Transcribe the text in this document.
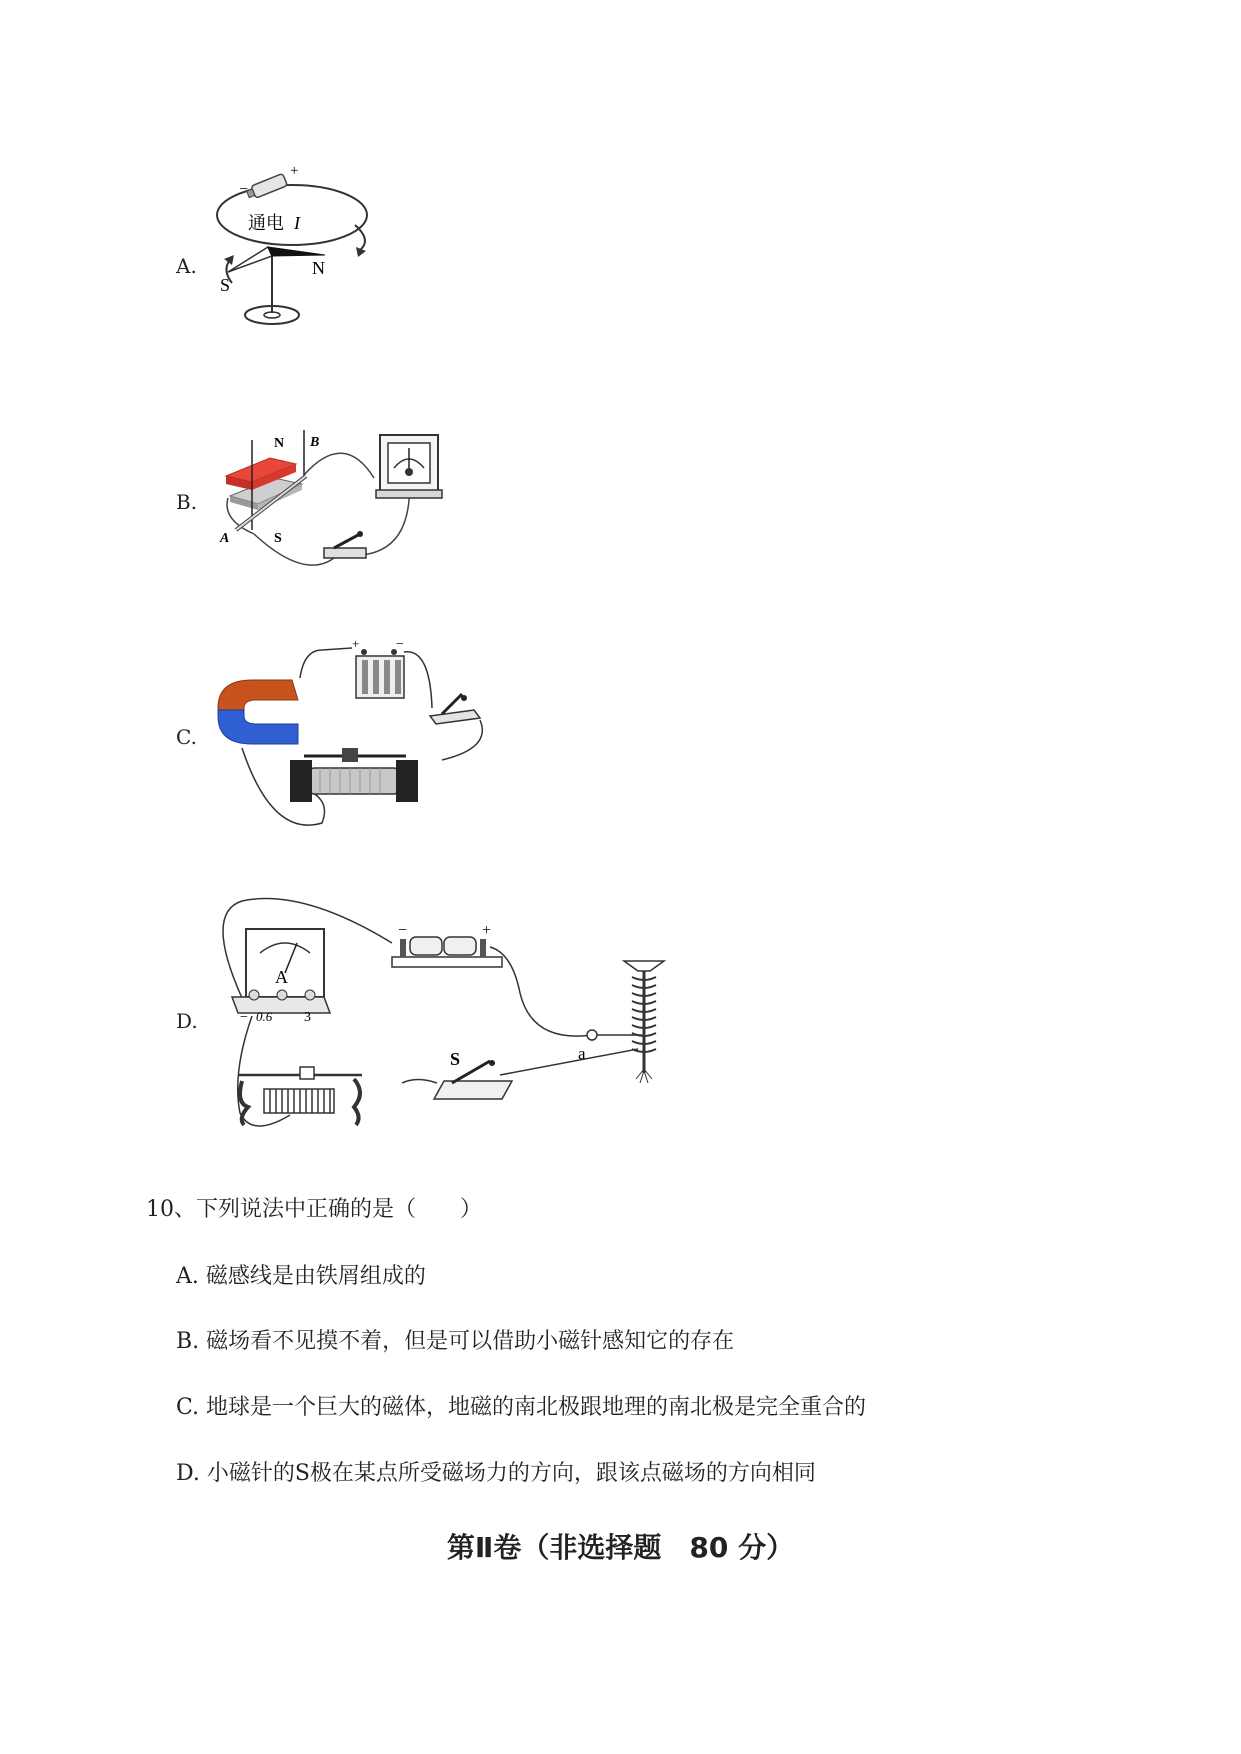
A.
−
+
通电 I
S
N
B.
N B
A	S
C.
+	−
D.
A
− 0.6 3
−	+
a
S
10、下列说法中正确的是（　　）
A. 磁感线是由铁屑组成的
B. 磁场看不见摸不着，但是可以借助小磁针感知它的存在
C. 地球是一个巨大的磁体，地磁的南北极跟地理的南北极是完全重合的
D. 小磁针的S极在某点所受磁场力的方向，跟该点磁场的方向相同
第Ⅱ卷（非选择题　80 分）
